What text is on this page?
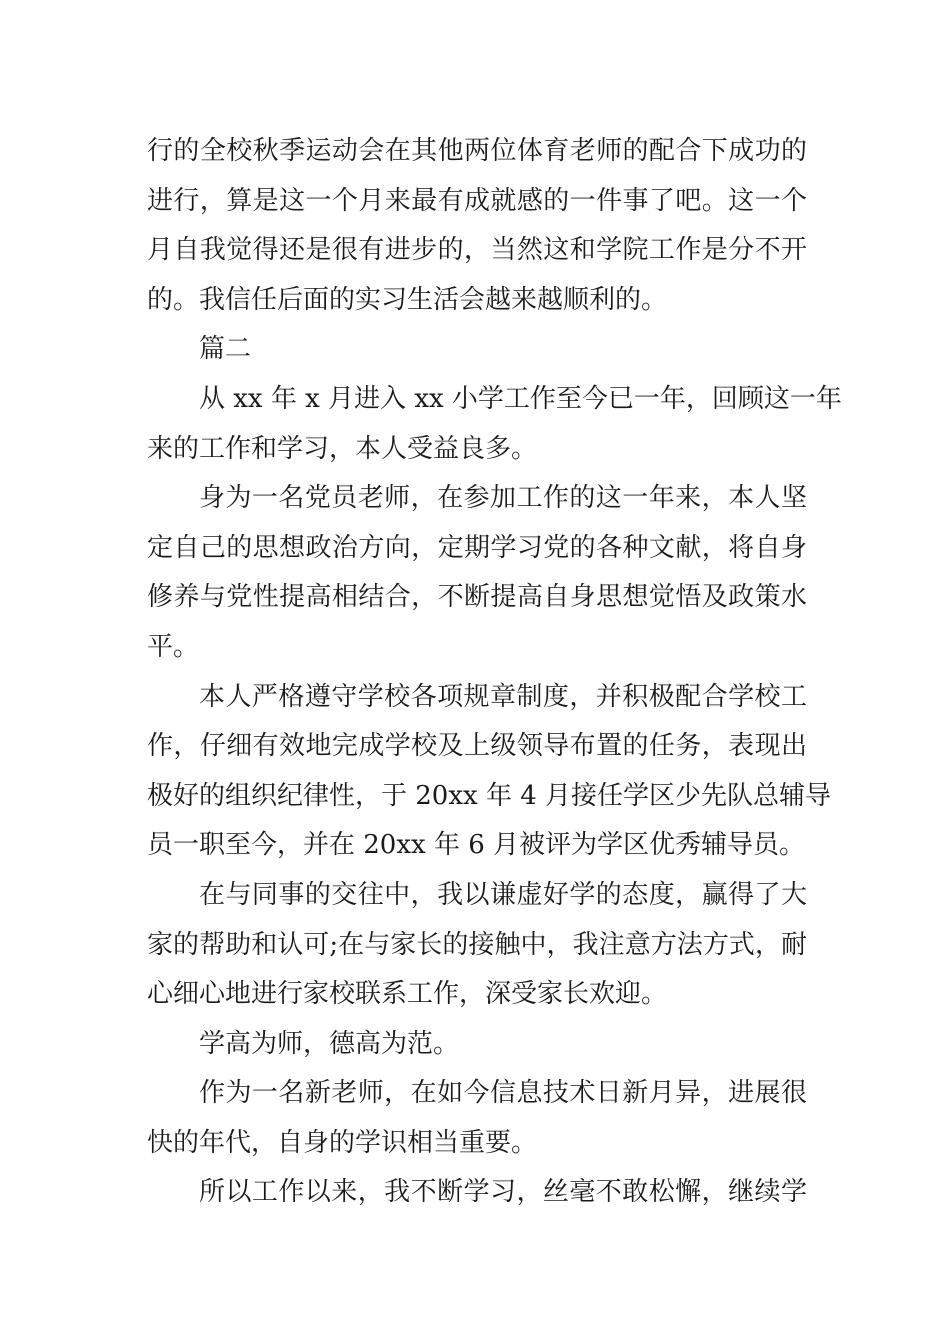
行的全校秋季运动会在其他两位体育老师的配合下成功的
进行，算是这一个月来最有成就感的一件事了吧。这一个
月自我觉得还是很有进步的，当然这和学院工作是分不开
的。我信任后面的实习生活会越来越顺利的。
篇二
从 xx 年 x 月进入 xx 小学工作至今已一年，回顾这一年
来的工作和学习，本人受益良多。
身为一名党员老师，在参加工作的这一年来，本人坚
定自己的思想政治方向，定期学习党的各种文献，将自身
修养与党性提高相结合，不断提高自身思想觉悟及政策水
平。
本人严格遵守学校各项规章制度，并积极配合学校工
作，仔细有效地完成学校及上级领导布置的任务，表现出
极好的组织纪律性，于 20xx 年 4 月接任学区少先队总辅导
员一职至今，并在 20xx 年 6 月被评为学区优秀辅导员。
在与同事的交往中，我以谦虚好学的态度，赢得了大
家的帮助和认可;在与家长的接触中，我注意方法方式，耐
心细心地进行家校联系工作，深受家长欢迎。
学高为师，德高为范。
作为一名新老师，在如今信息技术日新月异，进展很
快的年代，自身的学识相当重要。
所以工作以来，我不断学习，丝毫不敢松懈，继续学
